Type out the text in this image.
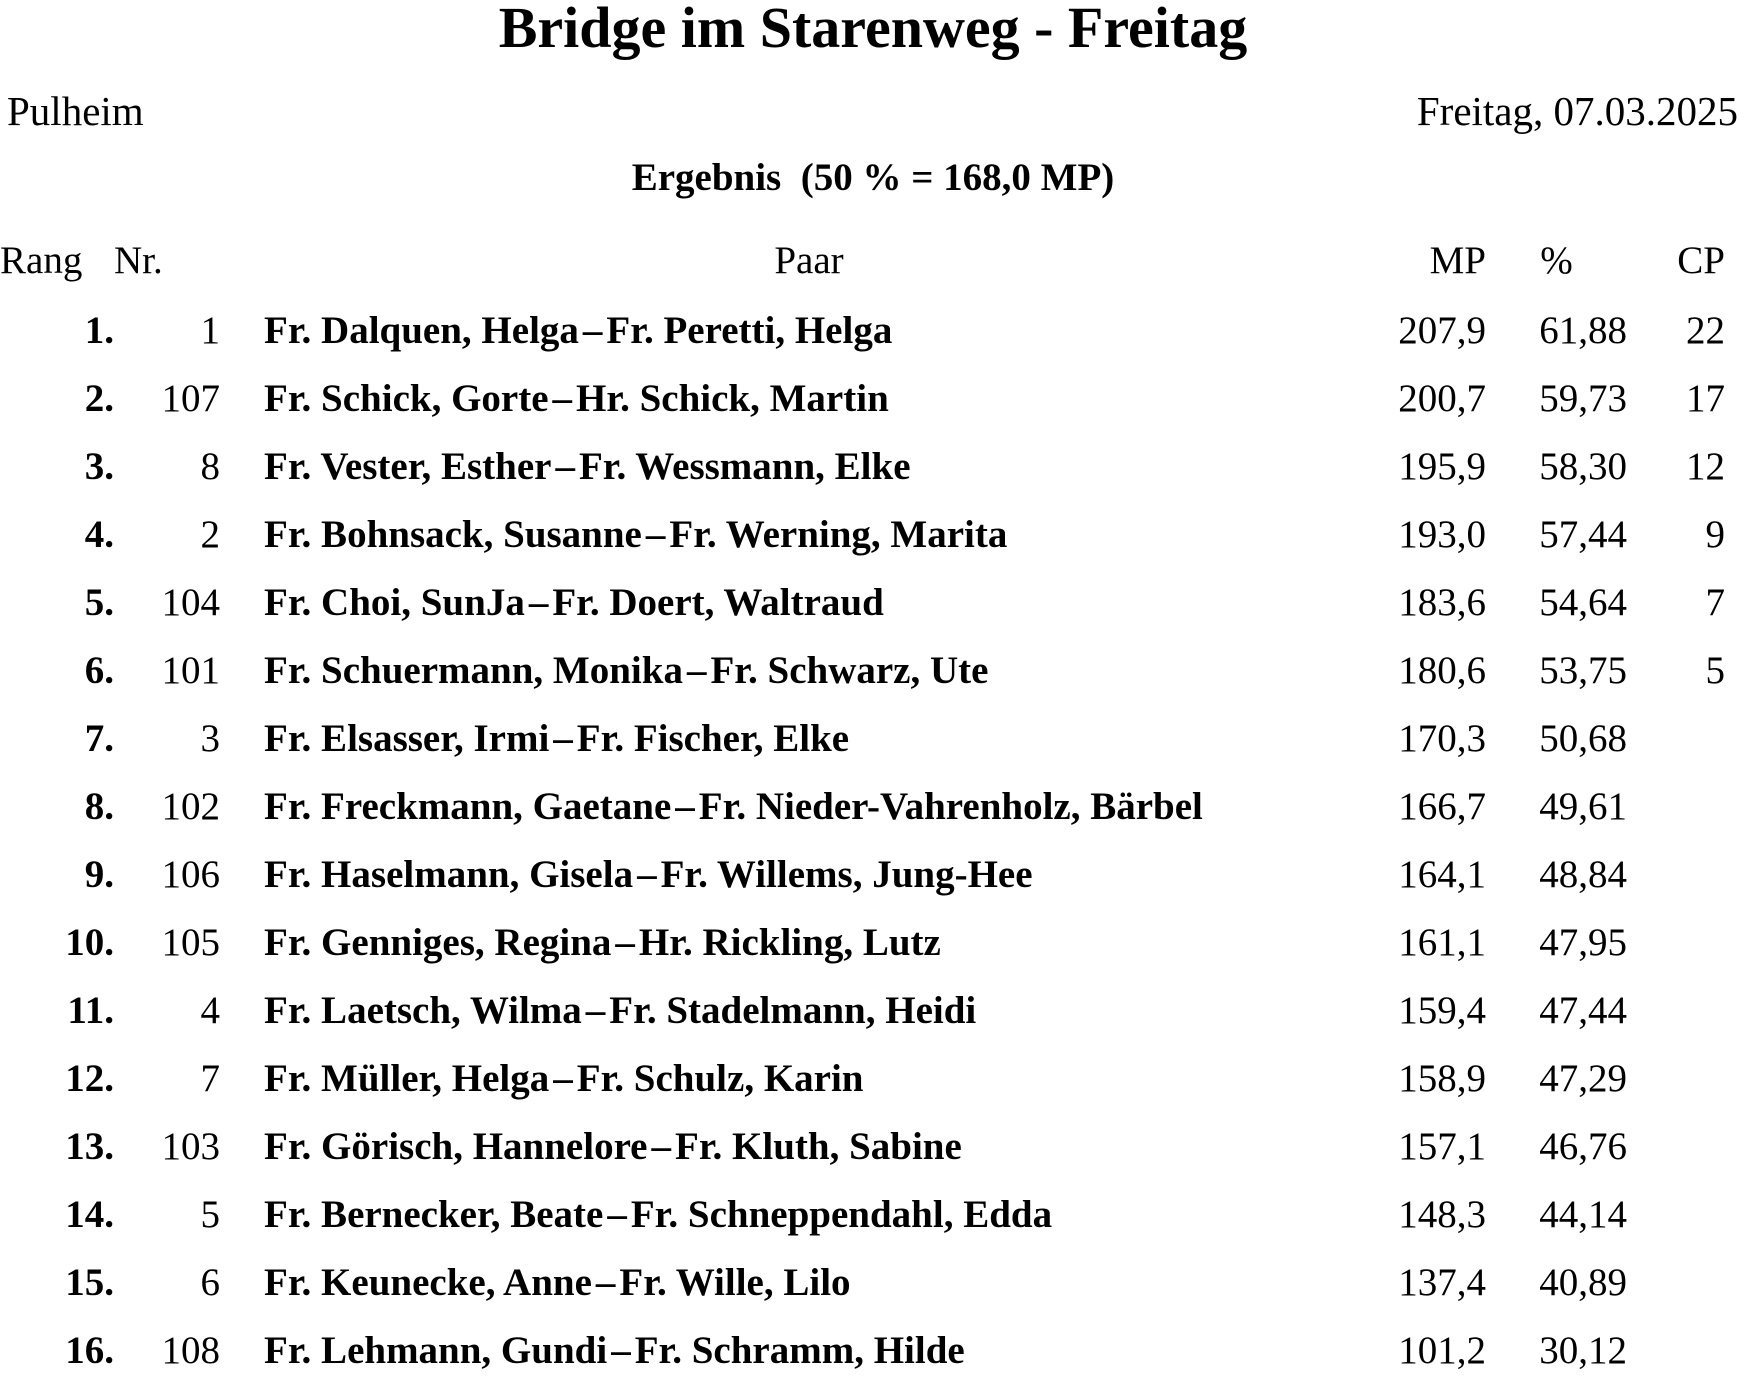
Bridge im Starenweg - Freitag
Pulheim	Freitag, 07.03.2025
Ergebnis  (50 % = 168,0 MP)
Rang	Nr.		Paar	MP	%	CP
1.	1		Fr. Dalquen, Helga – Fr. Peretti, Helga	207,9	61,88	22
2.	107		Fr. Schick, Gorte – Hr. Schick, Martin	200,7	59,73	17
3.	8		Fr. Vester, Esther – Fr. Wessmann, Elke	195,9	58,30	12
4.	2		Fr. Bohnsack, Susanne – Fr. Werning, Marita	193,0	57,44	9
5.	104		Fr. Choi, SunJa – Fr. Doert, Waltraud	183,6	54,64	7
6.	101		Fr. Schuermann, Monika – Fr. Schwarz, Ute	180,6	53,75	5
7.	3		Fr. Elsasser, Irmi – Fr. Fischer, Elke	170,3	50,68	
8.	102		Fr. Freckmann, Gaetane – Fr. Nieder-Vahrenholz, Bärbel	166,7	49,61	
9.	106		Fr. Haselmann, Gisela – Fr. Willems, Jung-Hee	164,1	48,84	
10.	105		Fr. Genniges, Regina – Hr. Rickling, Lutz	161,1	47,95	
11.	4		Fr. Laetsch, Wilma – Fr. Stadelmann, Heidi	159,4	47,44	
12.	7		Fr. Müller, Helga – Fr. Schulz, Karin	158,9	47,29	
13.	103		Fr. Görisch, Hannelore – Fr. Kluth, Sabine	157,1	46,76	
14.	5		Fr. Bernecker, Beate – Fr. Schneppendahl, Edda	148,3	44,14	
15.	6		Fr. Keunecke, Anne – Fr. Wille, Lilo	137,4	40,89	
16.	108		Fr. Lehmann, Gundi – Fr. Schramm, Hilde	101,2	30,12	
